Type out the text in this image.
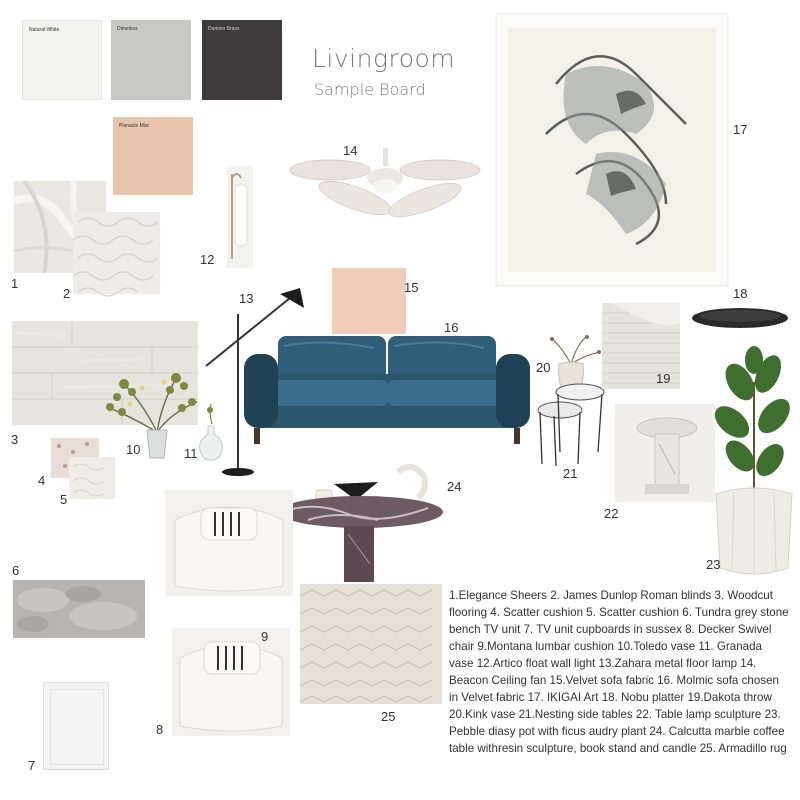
Livingroom
Sample Board
Natural White	Dimeless	Domino Brass
Pinnacle Mist
1
2
3
4
5
6
7
8
9
10	11
12
13
14
15
16
17
18
19
20
21
22
23
24
25

1.Elegance Sheers 2. James Dunlop Roman blinds 3. Woodcut flooring 4. Scatter cushion 5. Scatter cushion 6. Tundra grey stone bench TV unit 7. TV unit cupboards in sussex 8. Decker Swivel chair 9.Montana lumbar cushion 10.Toledo vase 11. Granada vase 12.Artico float wall light 13.Zahara metal floor lamp 14. Beacon Ceiling fan 15.Velvet sofa fabric 16. Molmic sofa chosen in Velvet fabric 17. IKIGAI Art 18. Nobu platter 19.Dakota throw 20.Kink vase 21.Nesting side tables 22. Table lamp sculpture 23. Pebble diasy pot with ficus audry plant 24. Calcutta marble coffee table withresin sculpture, book stand and candle 25. Armadillo rug
